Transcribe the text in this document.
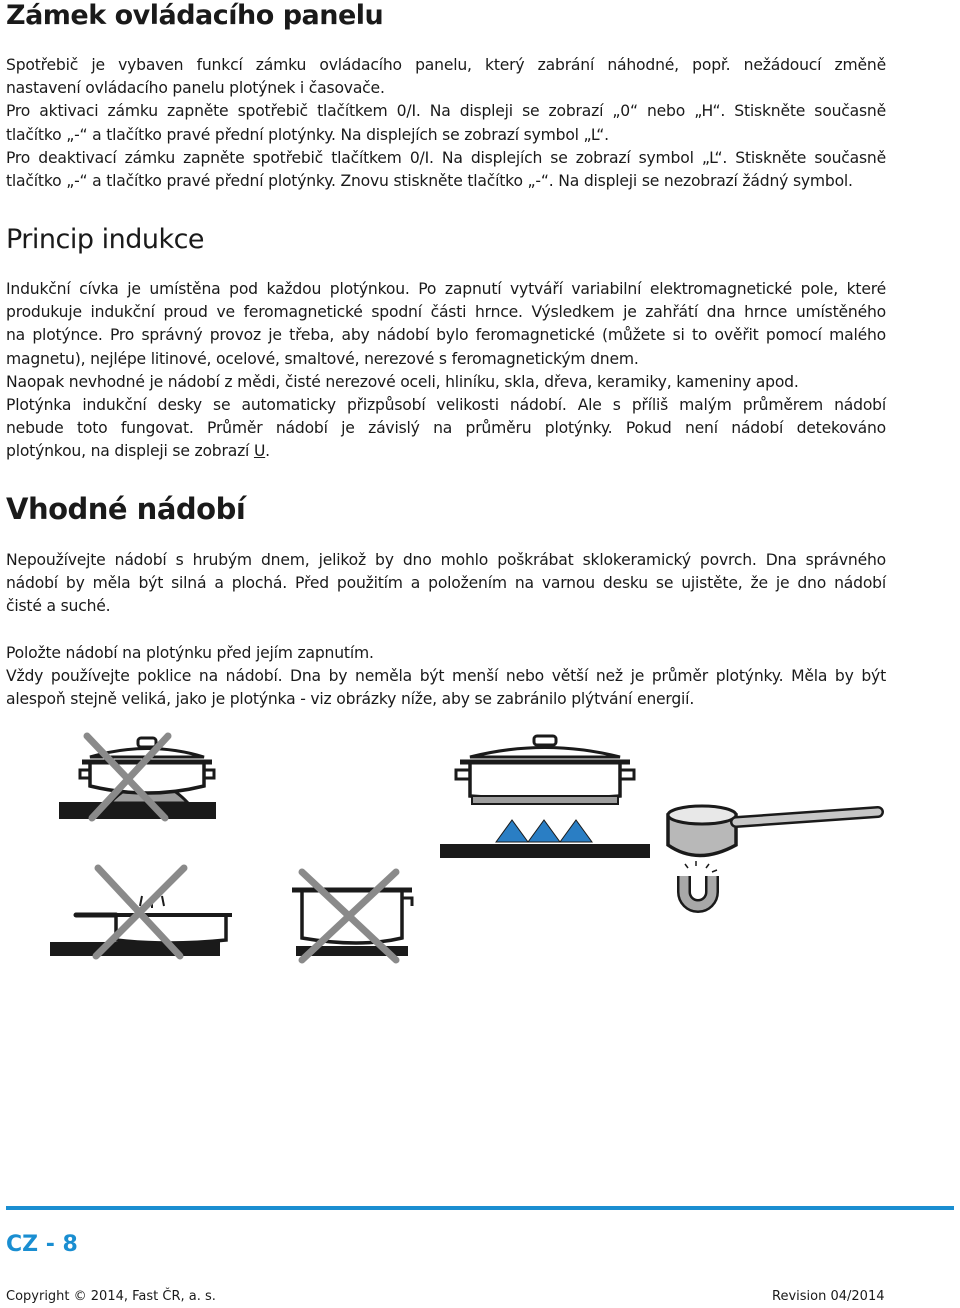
Zámek ovládacího panelu
Spotřebič je vybaven funkcí zámku ovládacího panelu, který zabrání náhodné, popř. nežádoucí změně
nastavení ovládacího panelu plotýnek i časovače.
Pro aktivaci zámku zapněte spotřebič tlačítkem 0/I. Na displeji se zobrazí „0“ nebo „H“. Stiskněte současně
tlačítko „-“ a tlačítko pravé přední plotýnky. Na displejích se zobrazí symbol „L“.
Pro deaktivací zámku zapněte spotřebič tlačítkem 0/I. Na displejích se zobrazí symbol „L“. Stiskněte současně
tlačítko „-“ a tlačítko pravé přední plotýnky. Znovu stiskněte tlačítko „-“. Na displeji se nezobrazí žádný symbol.
Princip indukce
Indukční cívka je umístěna pod každou plotýnkou. Po zapnutí vytváří variabilní elektromagnetické pole, které
produkuje indukční proud ve feromagnetické spodní části hrnce. Výsledkem je zahřátí dna hrnce umístěného
na plotýnce. Pro správný provoz je třeba, aby nádobí bylo feromagnetické (můžete si to ověřit pomocí malého
magnetu), nejlépe litinové, ocelové, smaltové, nerezové s feromagnetickým dnem.
Naopak nevhodné je nádobí z mědi, čisté nerezové oceli, hliníku, skla, dřeva, keramiky, kameniny apod.
Plotýnka indukční desky se automaticky přizpůsobí velikosti nádobí. Ale s příliš malým průměrem nádobí
nebude toto fungovat. Průměr nádobí je závislý na průměru plotýnky. Pokud není nádobí detekováno
plotýnkou, na displeji se zobrazí U.
Vhodné nádobí
Nepoužívejte nádobí s hrubým dnem, jelikož by dno mohlo poškrábat sklokeramický povrch. Dna správného
nádobí by měla být silná a plochá. Před použitím a položením na varnou desku se ujistěte, že je dno nádobí
čisté a suché.
Položte nádobí na plotýnku před jejím zapnutím.
Vždy používejte poklice na nádobí. Dna by neměla být menší nebo větší než je průměr plotýnky. Měla by být
alespoň stejně veliká, jako je plotýnka - viz obrázky níže, aby se zabránilo plýtvání energií.
CZ - 8
Copyright © 2014, Fast ČR, a. s.	Revision 04/2014
